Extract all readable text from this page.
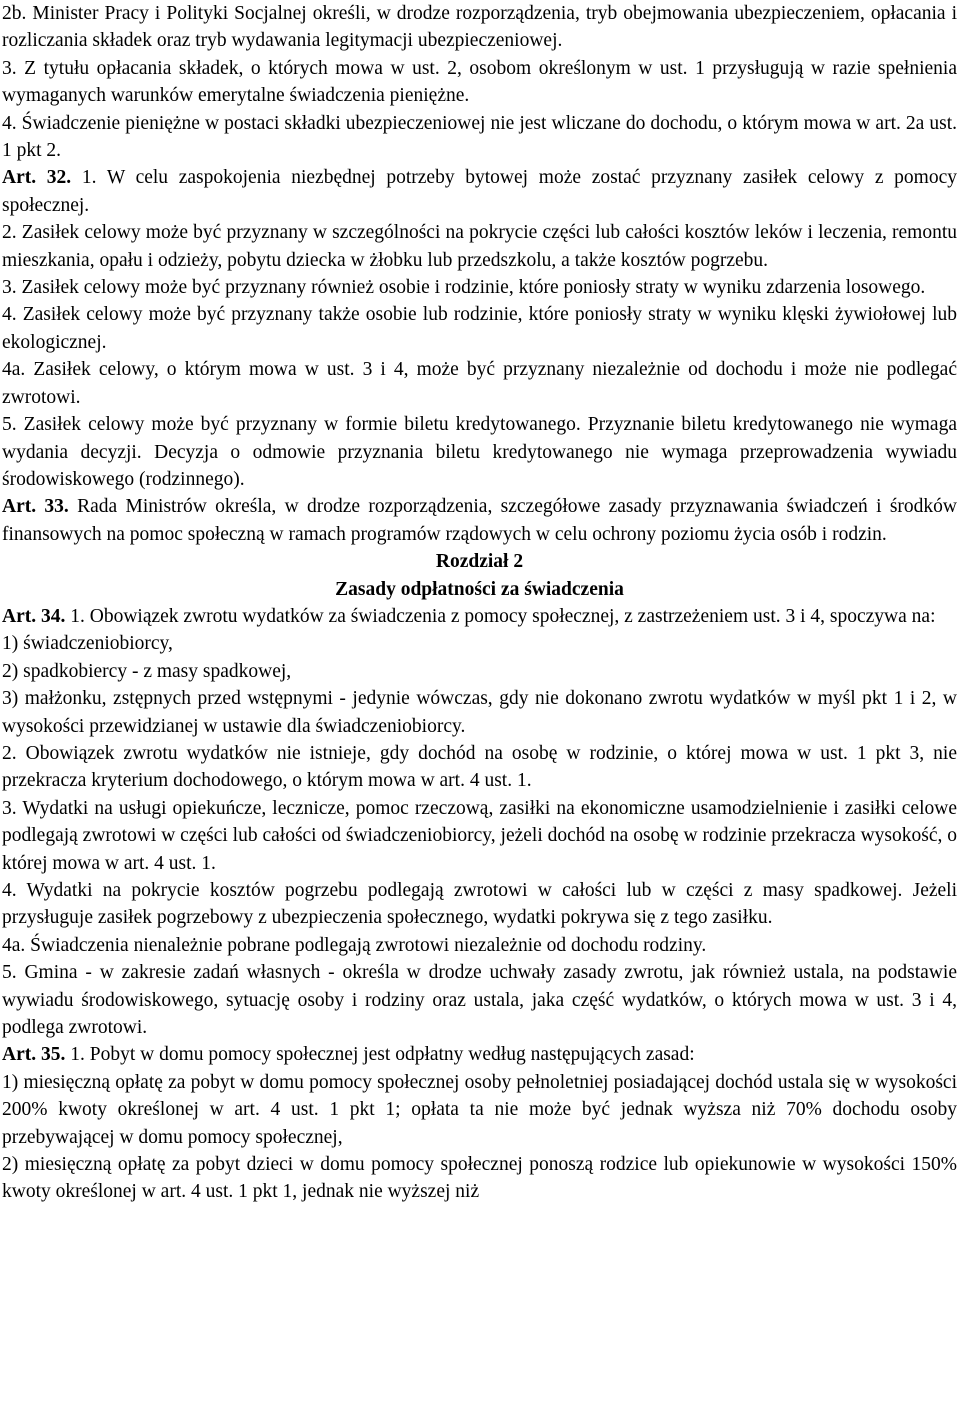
2b. Minister Pracy i Polityki Socjalnej określi, w drodze rozporządzenia, tryb obejmowania ubezpieczeniem, opłacania i rozliczania składek oraz tryb wydawania legitymacji ubezpieczeniowej.

3. Z tytułu opłacania składek, o których mowa w ust. 2, osobom określonym w ust. 1 przysługują w razie spełnienia wymaganych warunków emerytalne świadczenia pieniężne.

4. Świadczenie pieniężne w postaci składki ubezpieczeniowej nie jest wliczane do dochodu, o którym mowa w art. 2a ust. 1 pkt 2.

Art. 32. 1. W celu zaspokojenia niezbędnej potrzeby bytowej może zostać przyznany zasiłek celowy z pomocy społecznej.

2. Zasiłek celowy może być przyznany w szczególności na pokrycie części lub całości kosztów leków i leczenia, remontu mieszkania, opału i odzieży, pobytu dziecka w żłobku lub przedszkolu, a także kosztów pogrzebu.

3. Zasiłek celowy może być przyznany również osobie i rodzinie, które poniosły straty w wyniku zdarzenia losowego.

4. Zasiłek celowy może być przyznany także osobie lub rodzinie, które poniosły straty w wyniku klęski żywiołowej lub ekologicznej.

4a. Zasiłek celowy, o którym mowa w ust. 3 i 4, może być przyznany niezależnie od dochodu i może nie podlegać zwrotowi.

5. Zasiłek celowy może być przyznany w formie biletu kredytowanego. Przyznanie biletu kredytowanego nie wymaga wydania decyzji. Decyzja o odmowie przyznania biletu kredytowanego nie wymaga przeprowadzenia wywiadu środowiskowego (rodzinnego).

Art. 33. Rada Ministrów określa, w drodze rozporządzenia, szczegółowe zasady przyznawania świadczeń i środków finansowych na pomoc społeczną w ramach programów rządowych w celu ochrony poziomu życia osób i rodzin.

Rozdział 2

Zasady odpłatności za świadczenia

Art. 34. 1. Obowiązek zwrotu wydatków za świadczenia z pomocy społecznej, z zastrzeżeniem ust. 3 i 4, spoczywa na:

1) świadczeniobiorcy,

2) spadkobiercy - z masy spadkowej,

3) małżonku, zstępnych przed wstępnymi - jedynie wówczas, gdy nie dokonano zwrotu wydatków w myśl pkt 1 i 2, w wysokości przewidzianej w ustawie dla świadczeniobiorcy.

2. Obowiązek zwrotu wydatków nie istnieje, gdy dochód na osobę w rodzinie, o której mowa w ust. 1 pkt 3, nie przekracza kryterium dochodowego, o którym mowa w art. 4 ust. 1.

3. Wydatki na usługi opiekuńcze, lecznicze, pomoc rzeczową, zasiłki na ekonomiczne usamodzielnienie i zasiłki celowe podlegają zwrotowi w części lub całości od świadczeniobiorcy, jeżeli dochód na osobę w rodzinie przekracza wysokość, o której mowa w art. 4 ust. 1.

4. Wydatki na pokrycie kosztów pogrzebu podlegają zwrotowi w całości lub w części z masy spadkowej. Jeżeli przysługuje zasiłek pogrzebowy z ubezpieczenia społecznego, wydatki pokrywa się z tego zasiłku.

4a. Świadczenia nienależnie pobrane podlegają zwrotowi niezależnie od dochodu rodziny.

5. Gmina - w zakresie zadań własnych - określa w drodze uchwały zasady zwrotu, jak również ustala, na podstawie wywiadu środowiskowego, sytuację osoby i rodziny oraz ustala, jaka część wydatków, o których mowa w ust. 3 i 4, podlega zwrotowi.

Art. 35. 1. Pobyt w domu pomocy społecznej jest odpłatny według następujących zasad:

1) miesięczną opłatę za pobyt w domu pomocy społecznej osoby pełnoletniej posiadającej dochód ustala się w wysokości 200% kwoty określonej w art. 4 ust. 1 pkt 1; opłata ta nie może być jednak wyższa niż 70% dochodu osoby przebywającej w domu pomocy społecznej,

2) miesięczną opłatę za pobyt dzieci w domu pomocy społecznej ponoszą rodzice lub opiekunowie w wysokości 150% kwoty określonej w art. 4 ust. 1 pkt 1, jednak nie wyższej niż
